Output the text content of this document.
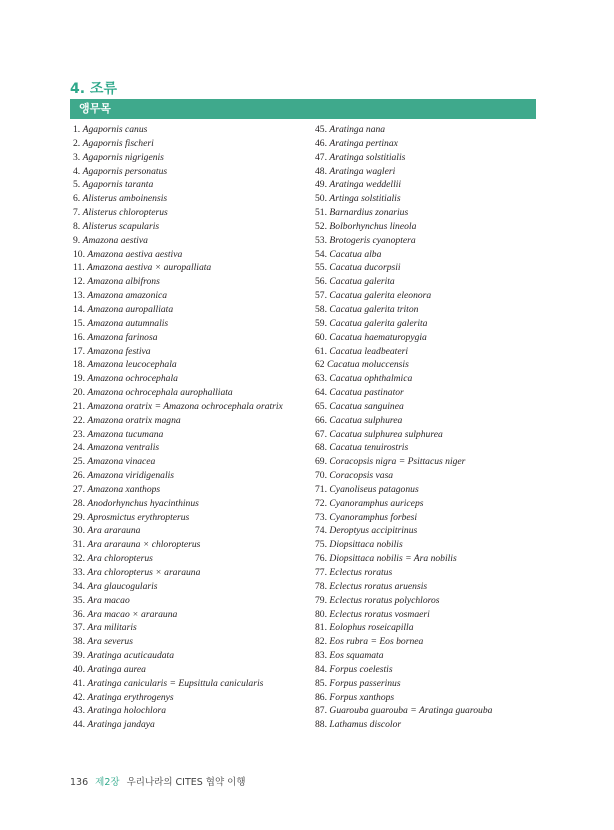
4. 조류
앵무목
1. Agapornis canus
2. Agapornis fischeri
3. Agapornis nigrigenis
4. Agapornis personatus
5. Agapornis taranta
6. Alisterus amboinensis
7. Alisterus chloropterus
8. Alisterus scapularis
9. Amazona aestiva
10. Amazona aestiva aestiva
11. Amazona aestiva × auropalliata
12. Amazona albifrons
13. Amazona amazonica
14. Amazona auropalliata
15. Amazona autumnalis
16. Amazona farinosa
17. Amazona festiva
18. Amazona leucocephala
19. Amazona ochrocephala
20. Amazona ochrocephala aurophalliata
21. Amazona oratrix = Amazona ochrocephala oratrix
22. Amazona oratrix magna
23. Amazona tucumana
24. Amazona ventralis
25. Amazona vinacea
26. Amazona viridigenalis
27. Amazona xanthops
28. Anodorhynchus hyacinthinus
29. Aprosmictus erythropterus
30. Ara ararauna
31. Ara ararauna × chloropterus
32. Ara chloropterus
33. Ara chloropterus × ararauna
34. Ara glaucogularis
35. Ara macao
36. Ara macao × ararauna
37. Ara militaris
38. Ara severus
39. Aratinga acuticaudata
40. Aratinga aurea
41. Aratinga canicularis = Eupsittula canicularis
42. Aratinga erythrogenys
43. Aratinga holochlora
44. Aratinga jandaya
45. Aratinga nana
46. Aratinga pertinax
47. Aratinga solstitialis
48. Aratinga wagleri
49. Aratinga weddellii
50. Artinga solstitialis
51. Barnardius zonarius
52. Bolborhynchus lineola
53. Brotogeris cyanoptera
54. Cacatua alba
55. Cacatua ducorpsii
56. Cacatua galerita
57. Cacatua galerita eleonora
58. Cacatua galerita triton
59. Cacatua galerita galerita
60. Cacatua haematuropygia
61. Cacatua leadbeateri
62 Cacatua moluccensis
63. Cacatua ophthalmica
64. Cacatua pastinator
65. Cacatua sanguinea
66. Cacatua sulphurea
67. Cacatua sulphurea sulphurea
68. Cacatua tenuirostris
69. Coracopsis nigra = Psittacus niger
70. Coracopsis vasa
71. Cyanoliseus patagonus
72. Cyanoramphus auriceps
73. Cyanoramphus forbesi
74. Deroptyus accipitrinus
75. Diopsittaca nobilis
76. Diopsittaca nobilis = Ara nobilis
77. Eclectus roratus
78. Eclectus roratus aruensis
79. Eclectus roratus polychloros
80. Eclectus roratus vosmaeri
81. Eolophus roseicapilla
82. Eos rubra = Eos bornea
83. Eos squamata
84. Forpus coelestis
85. Forpus passerinus
86. Forpus xanthops
87. Guarouba guarouba = Aratinga guarouba
88. Lathamus discolor
136 제2장 우리나라의 CITES 협약 이행
